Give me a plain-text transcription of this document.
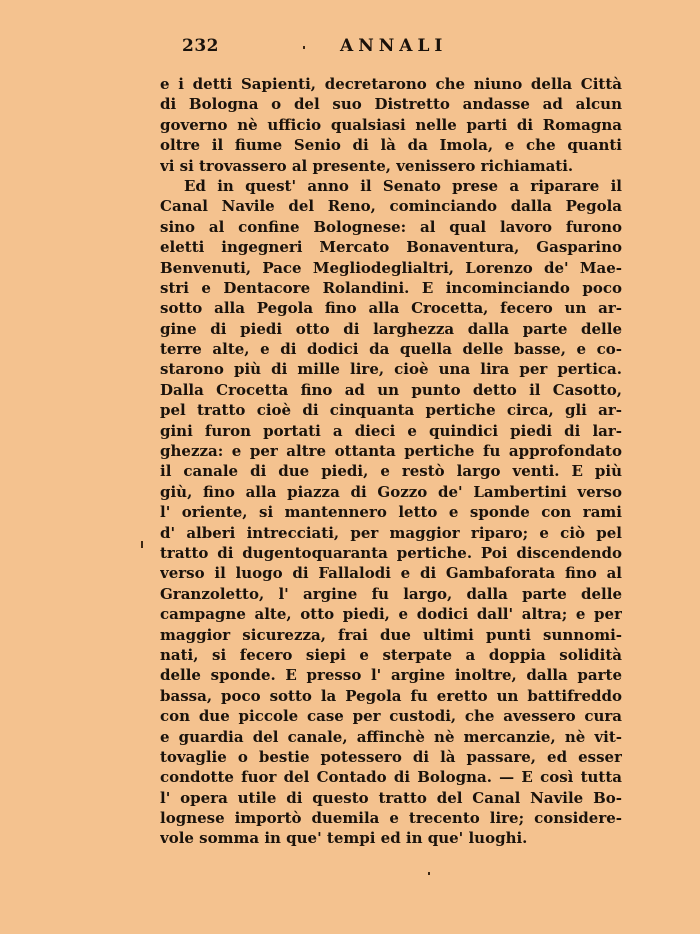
232	ANNALI
e i detti Sapienti, decretarono che niuno della Città
di Bologna o del suo Distretto andasse ad alcun
governo nè ufficio qualsiasi nelle parti di Romagna
oltre il fiume Senio di là da Imola, e che quanti
vi si trovassero al presente, venissero richiamati.
Ed in quest' anno il Senato prese a riparare il
Canal Navile del Reno, cominciando dalla Pegola
sino al confine Bolognese: al qual lavoro furono
eletti ingegneri Mercato Bonaventura, Gasparino
Benvenuti, Pace Megliodeglialtri, Lorenzo de' Mae-
stri e Dentacore Rolandini. E incominciando poco
sotto alla Pegola fino alla Crocetta, fecero un ar-
gine di piedi otto di larghezza dalla parte delle
terre alte, e di dodici da quella delle basse, e co-
starono più di mille lire, cioè una lira per pertica.
Dalla Crocetta fino ad un punto detto il Casotto,
pel tratto cioè di cinquanta pertiche circa, gli ar-
gini furon portati a dieci e quindici piedi di lar-
ghezza: e per altre ottanta pertiche fu approfondato
il canale di due piedi, e restò largo venti. E più
giù, fino alla piazza di Gozzo de' Lambertini verso
l' oriente, si mantennero letto e sponde con rami
d' alberi intrecciati, per maggior riparo; e ciò pel
tratto di dugentoquaranta pertiche. Poi discendendo
verso il luogo di Fallalodi e di Gambaforata fino al
Granzoletto, l' argine fu largo, dalla parte delle
campagne alte, otto piedi, e dodici dall' altra; e per
maggior sicurezza, frai due ultimi punti sunnomi-
nati, si fecero siepi e sterpate a doppia solidità
delle sponde. E presso l' argine inoltre, dalla parte
bassa, poco sotto la Pegola fu eretto un battifreddo
con due piccole case per custodi, che avessero cura
e guardia del canale, affinchè nè mercanzie, nè vit-
tovaglie o bestie potessero di là passare, ed esser
condotte fuor del Contado di Bologna. — E così tutta
l' opera utile di questo tratto del Canal Navile Bo-
lognese importò duemila e trecento lire; considere-
vole somma in que' tempi ed in que' luoghi.
